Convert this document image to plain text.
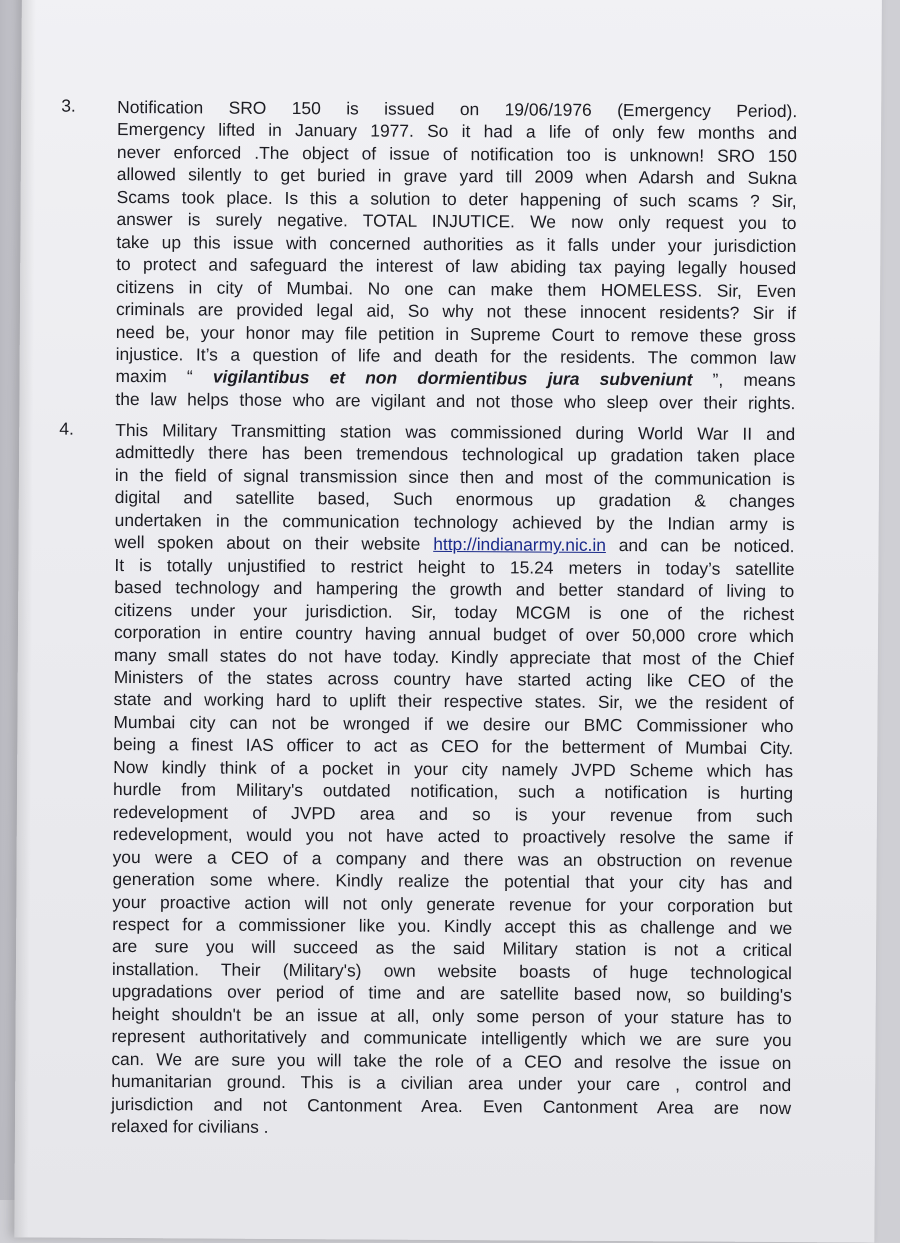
3. Notification SRO 150 is issued on 19/06/1976 (Emergency Period).
Emergency lifted in January 1977. So it had a life of only few months and
never enforced .The object of issue of notification too is unknown! SRO 150
allowed silently to get buried in grave yard till 2009 when Adarsh and Sukna
Scams took place. Is this a solution to deter happening of such scams ? Sir,
answer is surely negative. TOTAL INJUTICE. We now only request you to
take up this issue with concerned authorities as it falls under your jurisdiction
to protect and safeguard the interest of law abiding tax paying legally housed
citizens in city of Mumbai. No one can make them HOMELESS. Sir, Even
criminals are provided legal aid, So why not these innocent residents? Sir if
need be, your honor may file petition in Supreme Court to remove these gross
injustice. It’s a question of life and death for the residents. The common law
maxim “ vigilantibus et non dormientibus jura subveniunt ”, means
the law helps those who are vigilant and not those who sleep over their rights.
4. This Military Transmitting station was commissioned during World War II and
admittedly there has been tremendous technological up gradation taken place
in the field of signal transmission since then and most of the communication is
digital and satellite based, Such enormous up gradation & changes
undertaken in the communication technology achieved by the Indian army is
well spoken about on their website http://indianarmy.nic.in and can be noticed.
It is totally unjustified to restrict height to 15.24 meters in today’s satellite
based technology and hampering the growth and better standard of living to
citizens under your jurisdiction. Sir, today MCGM is one of the richest
corporation in entire country having annual budget of over 50,000 crore which
many small states do not have today. Kindly appreciate that most of the Chief
Ministers of the states across country have started acting like CEO of the
state and working hard to uplift their respective states. Sir, we the resident of
Mumbai city can not be wronged if we desire our BMC Commissioner who
being a finest IAS officer to act as CEO for the betterment of Mumbai City.
Now kindly think of a pocket in your city namely JVPD Scheme which has
hurdle from Military's outdated notification, such a notification is hurting
redevelopment of JVPD area and so is your revenue from such
redevelopment, would you not have acted to proactively resolve the same if
you were a CEO of a company and there was an obstruction on revenue
generation some where. Kindly realize the potential that your city has and
your proactive action will not only generate revenue for your corporation but
respect for a commissioner like you. Kindly accept this as challenge and we
are sure you will succeed as the said Military station is not a critical
installation. Their (Military's) own website boasts of huge technological
upgradations over period of time and are satellite based now, so building's
height shouldn't be an issue at all, only some person of your stature has to
represent authoritatively and communicate intelligently which we are sure you
can. We are sure you will take the role of a CEO and resolve the issue on
humanitarian ground. This is a civilian area under your care , control and
jurisdiction and not Cantonment Area. Even Cantonment Area are now
relaxed for civilians .
